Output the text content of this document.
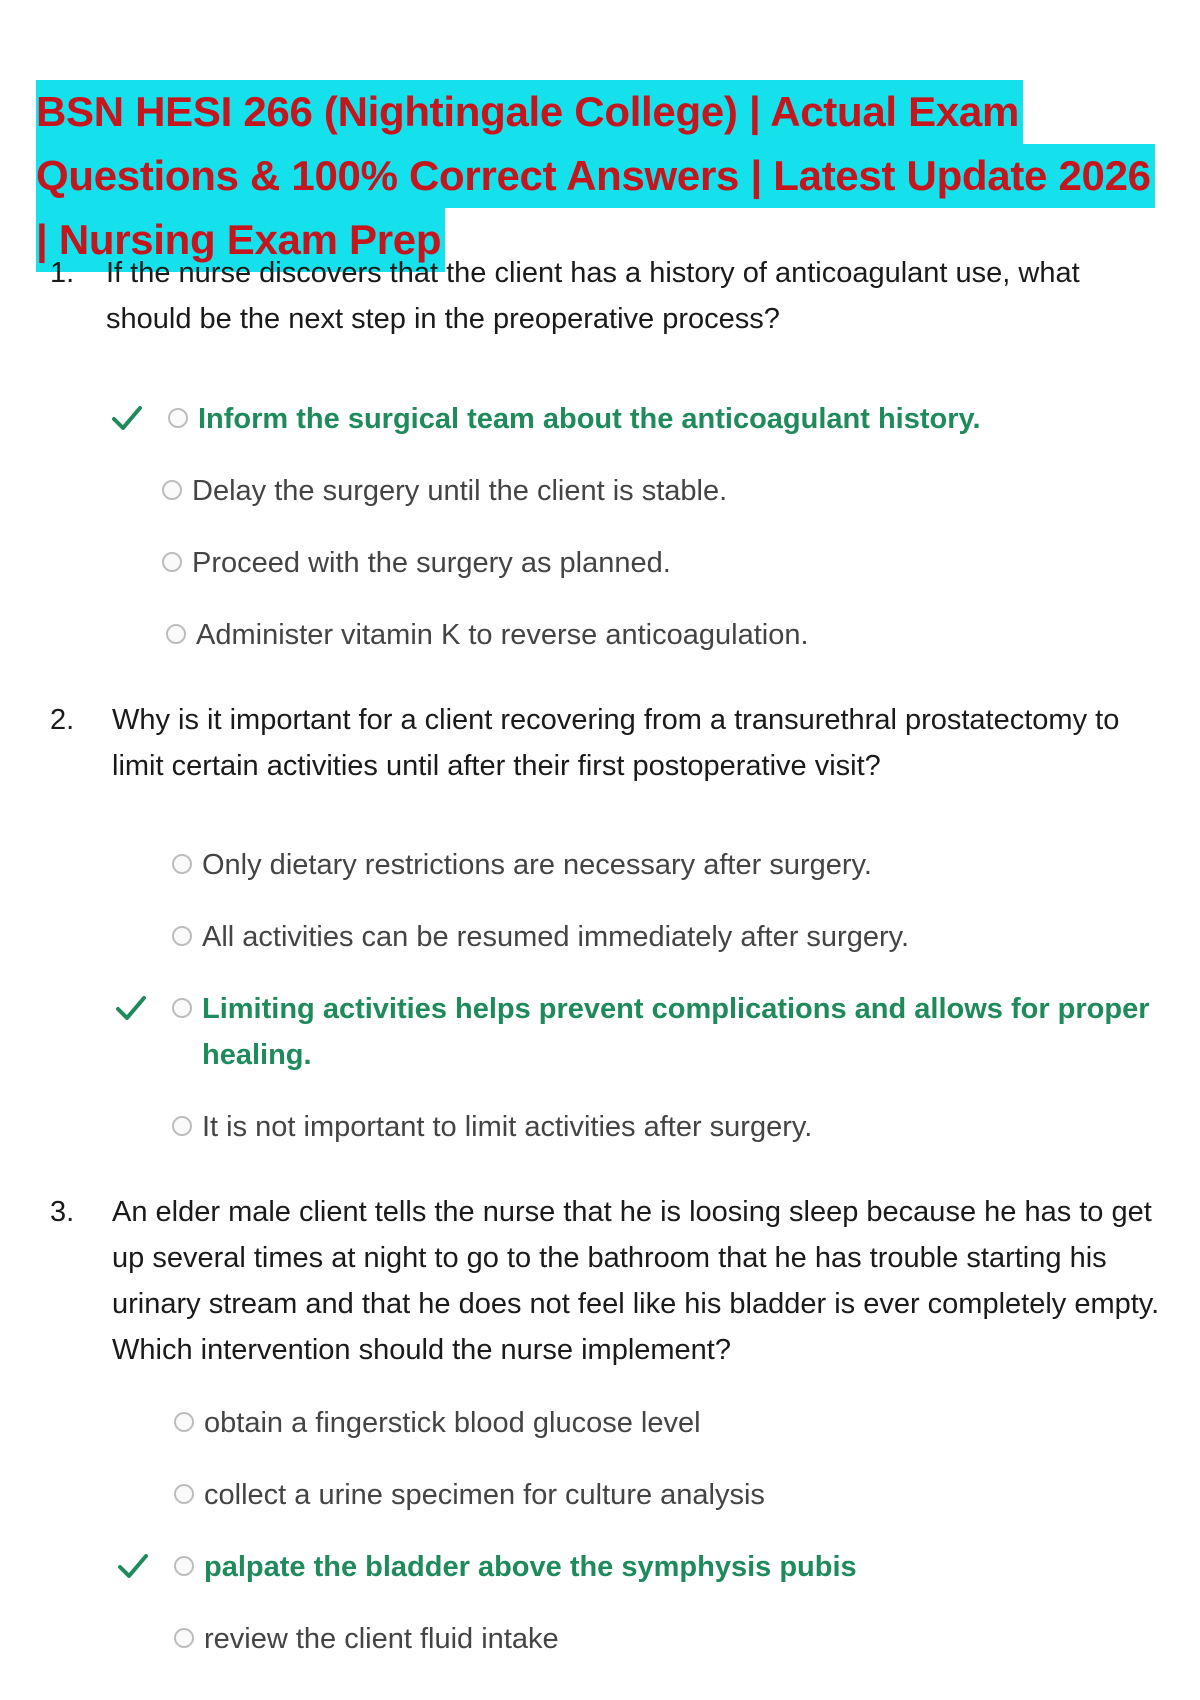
BSN HESI 266 (Nightingale College) | Actual Exam
Questions & 100% Correct Answers | Latest Update 2026
| Nursing Exam Prep
1. If the nurse discovers that the client has a history of anticoagulant use, what should be the next step in the preoperative process?
Inform the surgical team about the anticoagulant history.
Delay the surgery until the client is stable.
Proceed with the surgery as planned.
Administer vitamin K to reverse anticoagulation.
2. Why is it important for a client recovering from a transurethral prostatectomy to limit certain activities until after their first postoperative visit?
Only dietary restrictions are necessary after surgery.
All activities can be resumed immediately after surgery.
Limiting activities helps prevent complications and allows for proper healing.
It is not important to limit activities after surgery.
3. An elder male client tells the nurse that he is loosing sleep because he has to get up several times at night to go to the bathroom that he has trouble starting his urinary stream and that he does not feel like his bladder is ever completely empty. Which intervention should the nurse implement?
obtain a fingerstick blood glucose level
collect a urine specimen for culture analysis
palpate the bladder above the symphysis pubis
review the client fluid intake
